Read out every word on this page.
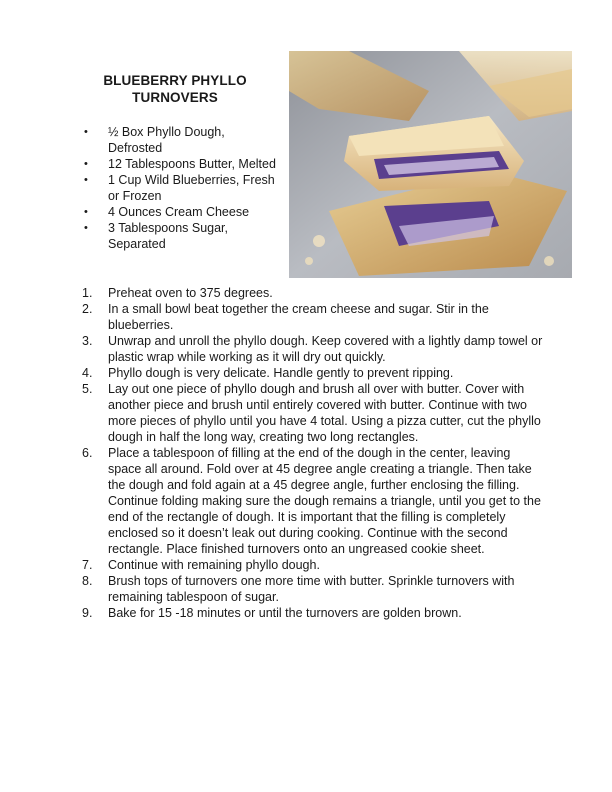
BLUEBERRY PHYLLO TURNOVERS
• ½ Box Phyllo Dough, Defrosted
• 12 Tablespoons Butter, Melted
• 1 Cup Wild Blueberries, Fresh or Frozen
• 4 Ounces Cream Cheese
• 3 Tablespoons Sugar, Separated
1. Preheat oven to 375 degrees.
2. In a small bowl beat together the cream cheese and sugar. Stir in the blueberries.
3. Unwrap and unroll the phyllo dough. Keep covered with a lightly damp towel or plastic wrap while working as it will dry out quickly.
4. Phyllo dough is very delicate. Handle gently to prevent ripping.
5. Lay out one piece of phyllo dough and brush all over with butter. Cover with another piece and brush until entirely covered with butter. Continue with two more pieces of phyllo until you have 4 total. Using a pizza cutter, cut the phyllo dough in half the long way, creating two long rectangles.
6. Place a tablespoon of filling at the end of the dough in the center, leaving space all around. Fold over at 45 degree angle creating a triangle. Then take the dough and fold again at a 45 degree angle, further enclosing the filling. Continue folding making sure the dough remains a triangle, until you get to the end of the rectangle of dough. It is important that the filling is completely enclosed so it doesn’t leak out during cooking. Continue with the second rectangle. Place finished turnovers onto an ungreased cookie sheet.
7. Continue with remaining phyllo dough.
8. Brush tops of turnovers one more time with butter. Sprinkle turnovers with remaining tablespoon of sugar.
9. Bake for 15 -18 minutes or until the turnovers are golden brown.
